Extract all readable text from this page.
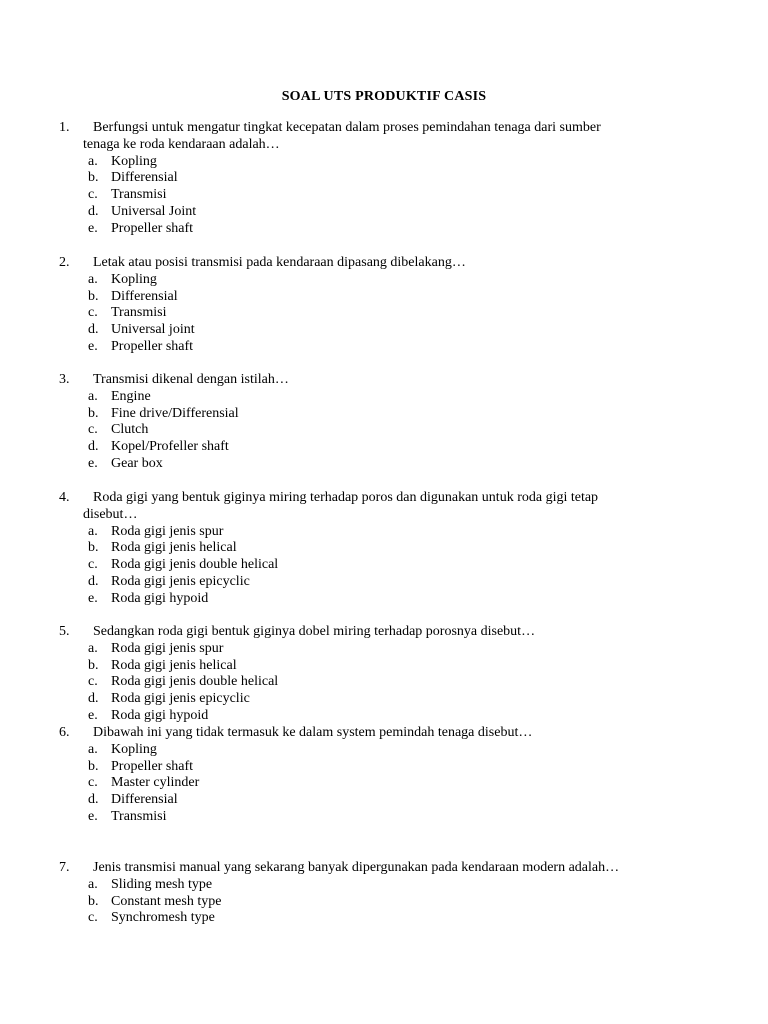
SOAL UTS PRODUKTIF CASIS
1. Berfungsi untuk mengatur tingkat kecepatan dalam proses pemindahan tenaga dari sumber
tenaga ke roda kendaraan adalah…
a. Kopling
b. Differensial
c. Transmisi
d. Universal Joint
e. Propeller shaft
2. Letak atau posisi transmisi pada kendaraan dipasang dibelakang…
a. Kopling
b. Differensial
c. Transmisi
d. Universal joint
e. Propeller shaft
3. Transmisi dikenal dengan istilah…
a. Engine
b. Fine drive/Differensial
c. Clutch
d. Kopel/Profeller shaft
e. Gear box
4. Roda gigi yang bentuk giginya miring terhadap poros dan digunakan untuk roda gigi tetap
disebut…
a. Roda gigi jenis spur
b. Roda gigi jenis helical
c. Roda gigi jenis double helical
d. Roda gigi jenis epicyclic
e. Roda gigi hypoid
5. Sedangkan roda gigi bentuk giginya dobel miring terhadap porosnya disebut…
a. Roda gigi jenis spur
b. Roda gigi jenis helical
c. Roda gigi jenis double helical
d. Roda gigi jenis epicyclic
e. Roda gigi hypoid
6. Dibawah ini yang tidak termasuk ke dalam system pemindah tenaga disebut…
a. Kopling
b. Propeller shaft
c. Master cylinder
d. Differensial
e. Transmisi
7. Jenis transmisi manual yang sekarang banyak dipergunakan pada kendaraan modern adalah…
a. Sliding mesh type
b. Constant mesh type
c. Synchromesh type
